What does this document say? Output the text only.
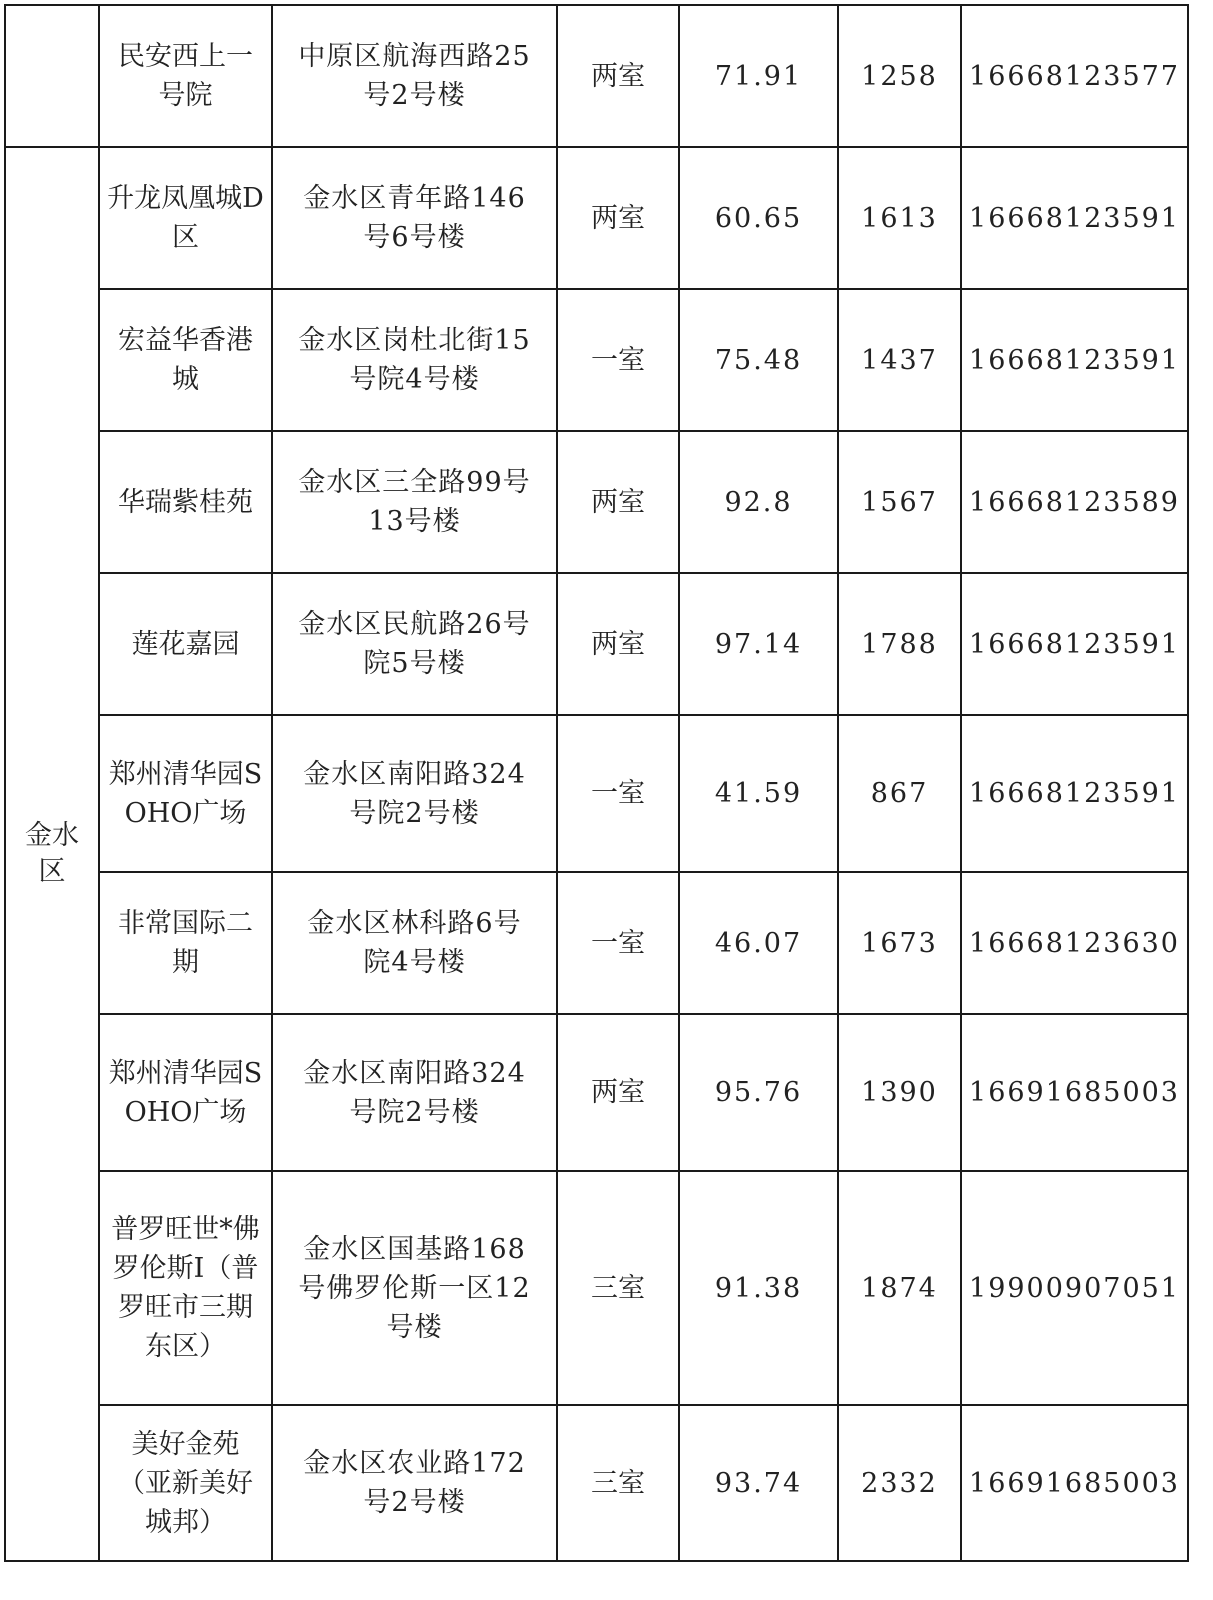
	民安西上一号院	中原区航海西路25号2号楼	两室	71.91	1258	16668123577
金水区	升龙凤凰城D区	金水区青年路146号6号楼	两室	60.65	1613	16668123591
	宏益华香港城	金水区岗杜北街15号院4号楼	一室	75.48	1437	16668123591
	华瑞紫桂苑	金水区三全路99号13号楼	两室	92.8	1567	16668123589
	莲花嘉园	金水区民航路26号院5号楼	两室	97.14	1788	16668123591
	郑州清华园SOHO广场	金水区南阳路324号院2号楼	一室	41.59	867	16668123591
	非常国际二期	金水区林科路6号院4号楼	一室	46.07	1673	16668123630
	郑州清华园SOHO广场	金水区南阳路324号院2号楼	两室	95.76	1390	16691685003
	普罗旺世*佛罗伦斯I（普罗旺市三期东区）	金水区国基路168号佛罗伦斯一区12号楼	三室	91.38	1874	19900907051
	美好金苑（亚新美好城邦）	金水区农业路172号2号楼	三室	93.74	2332	16691685003
